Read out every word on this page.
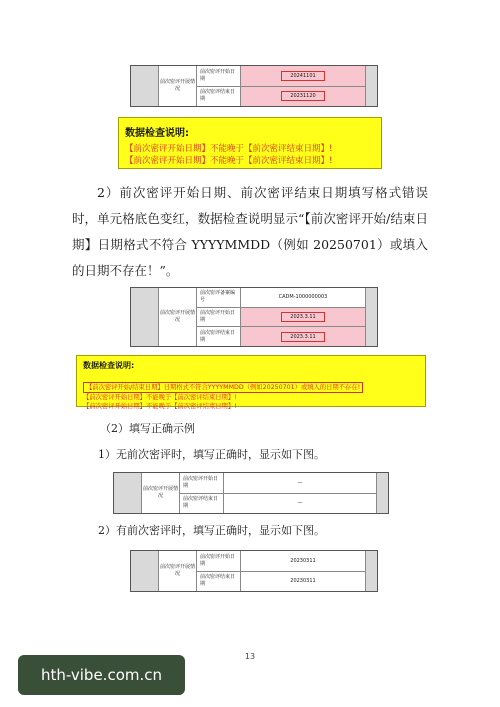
前次密评开展情况
前次密评开始日期	20241101
前次密评结束日期	20231120
数据检查说明:
【前次密评开始日期】不能晚于【前次密评结束日期】!
【前次密评开始日期】不能晚于【前次密评结束日期】!
2）前次密评开始日期、前次密评结束日期填写格式错误时，单元格底色变红，数据检查说明显示“【前次密评开始/结束日期】日期格式不符合 YYYYMMDD（例如 20250701）或填入的日期不存在！”。
前次密评开展情况
前次密评备案编号	CADM-1000000003
前次密评开始日期	2023.3.11
前次密评结束日期	2023.3.11
数据检查说明:
【前次密评开始/结束日期】日期格式不符合YYYYMMDD（例如20250701）或填入的日期不存在!
【前次密评开始日期】不能晚于【前次密评结束日期】!
【前次密评开始日期】不能晚于【前次密评结束日期】!
（2）填写正确示例
1）无前次密评时，填写正确时，显示如下图。
前次密评开展情况
前次密评开始日期	—
前次密评结束日期	—
2）有前次密评时，填写正确时，显示如下图。
前次密评开展情况
前次密评开始日期	20230311
前次密评结束日期	20230311
13
hth-vibe.com.cn
